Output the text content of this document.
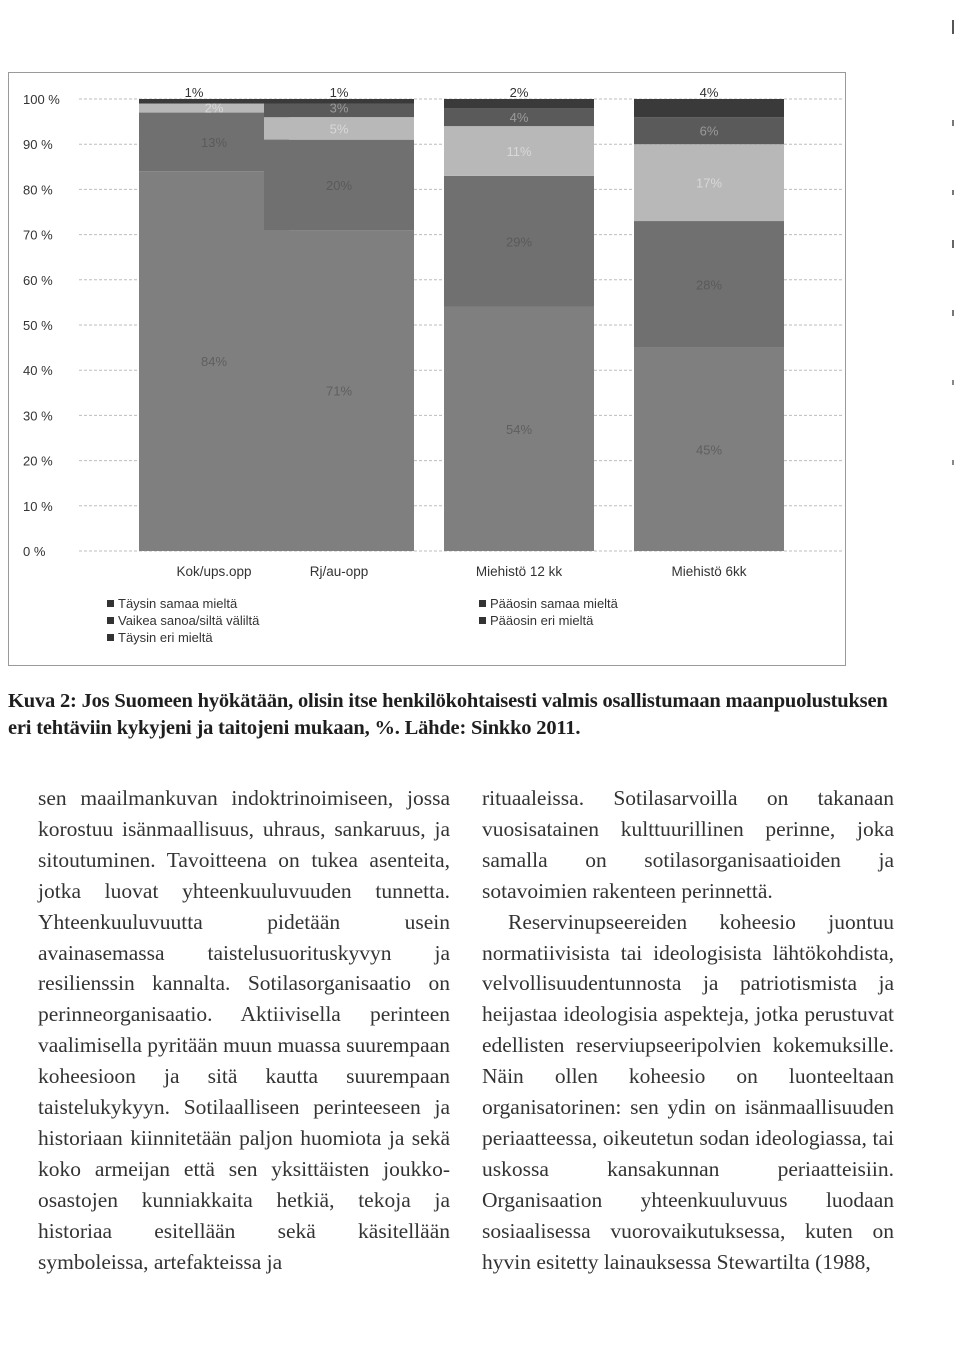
100 %
90 %
80 %
70 %
60 %
50 %
40 %
30 %
20 %
10 %
0 %
Kok/ups.opp	Rj/au-opp	Miehistö 12 kk	Miehistö 6kk
84%
13%
2%
1%
71%
20%
5%
3%
1%
54%
29%
11%
4%
2%
45%
28%
17%
6%
4%
Täysin samaa mieltä
Vaikea sanoa/siltä väliltä
Täysin eri mieltä
Pääosin samaa mieltä
Pääosin eri mieltä
Kuva 2: Jos Suomeen hyökätään, olisin itse henkilökohtaisesti valmis osallistumaan maanpuolustuksen eri tehtäviin kykyjeni ja taitojeni mukaan, %. Lähde: Sinkko 2011.

sen maailmankuvan indoktrinoimiseen, jossa korostuu isänmaallisuus, uhraus, sankaruus, ja sitoutuminen. Tavoitteena on tukea asenteita, jotka luovat yhteenkuuluvuuden tunnetta. Yhteenkuuluvuutta pidetään usein avainasemassa taistelusuorituskyvyn ja resilienssin kannalta. Sotilasorganisaatio on perinneorganisaatio. Aktiivisella perinteen vaalimisella pyritään muun muassa suurempaan koheesioon ja sitä kautta suurempaan taistelukykyyn. Sotilaalliseen perinteeseen ja historiaan kiinnitetään paljon huomiota ja sekä koko armeijan että sen yksittäisten joukko-osastojen kunniakkaita hetkiä, tekoja ja historiaa esitellään sekä käsitellään symboleissa, artefakteissa ja

rituaaleissa. Sotilasarvoilla on takanaan vuosisatainen kulttuurillinen perinne, joka samalla on sotilasorganisaatioiden ja sotavoimien rakenteen perinnettä.

Reservinupseereiden koheesio juontuu normatiivisista tai ideologisista lähtökohdista, velvollisuudentunnosta ja patriotismista ja heijastaa ideologisia aspekteja, jotka perustuvat edellisten reserviupseeripolvien kokemuksille. Näin ollen koheesio on luonteeltaan organisatorinen: sen ydin on isänmaallisuuden periaatteessa, oikeutetun sodan ideologiassa, tai uskossa kansakunnan periaatteisiin. Organisaation yhteenkuuluvuus luodaan sosiaalisessa vuorovaikutuksessa, kuten on hyvin esitetty lainauksessa Stewartilta (1988,
